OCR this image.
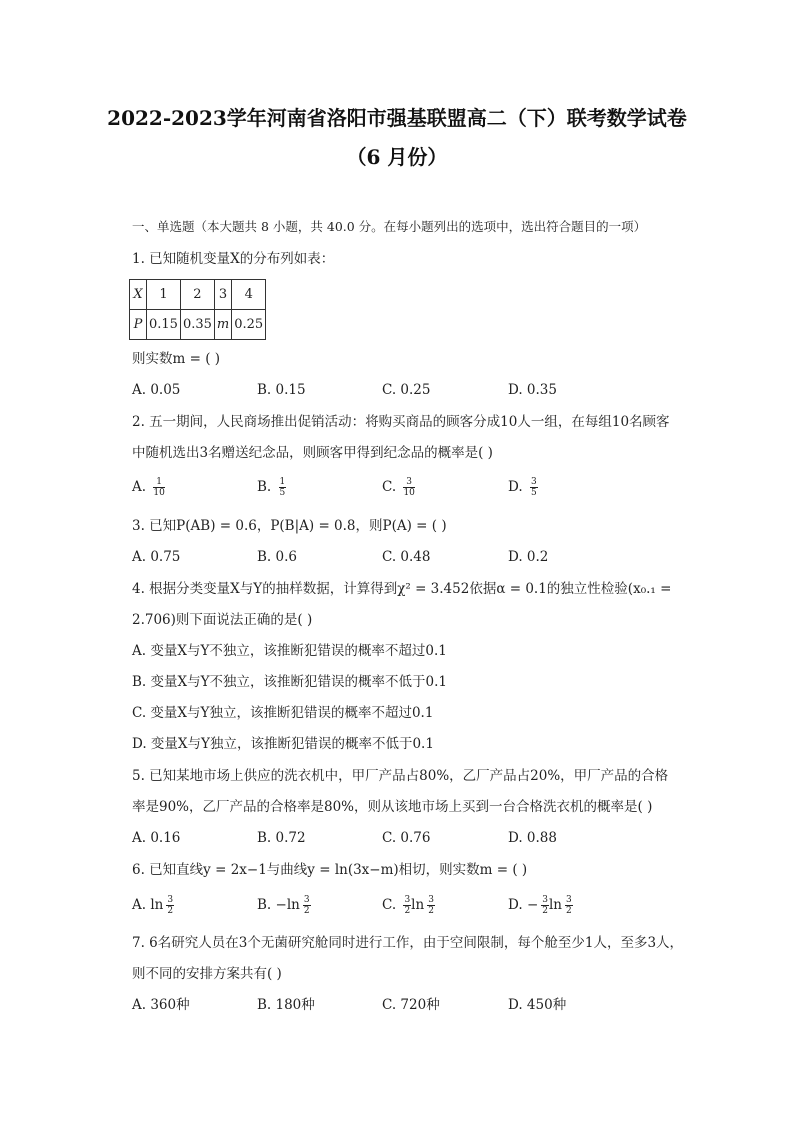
2022-2023学年河南省洛阳市强基联盟高二（下）联考数学试卷
（6 月份）
一、单选题（本大题共 8 小题，共 40.0 分。在每小题列出的选项中，选出符合题目的一项）
1. 已知随机变量X的分布列如表：
X	1	2	3	4
P	0.15	0.35	m	0.25
则实数m = ( )
A. 0.05	B. 0.15	C. 0.25	D. 0.35
2. 五一期间，人民商场推出促销活动：将购买商品的顾客分成10人一组，在每组10名顾客
中随机选出3名赠送纪念品，则顾客甲得到纪念品的概率是( )
A. $\frac{1}{10}$	B. $\frac{1}{5}$	C. $\frac{3}{10}$	D. $\frac{3}{5}$
3. 已知P(AB) = 0.6，P(B|A) = 0.8，则P(A) = ( )
A. 0.75	B. 0.6	C. 0.48	D. 0.2
4. 根据分类变量X与Y的抽样数据，计算得到χ² = 3.452依据α = 0.1的独立性检验(x₀.₁ =
2.706)则下面说法正确的是( )
A. 变量X与Y不独立，该推断犯错误的概率不超过0.1
B. 变量X与Y不独立，该推断犯错误的概率不低于0.1
C. 变量X与Y独立，该推断犯错误的概率不超过0.1
D. 变量X与Y独立，该推断犯错误的概率不低于0.1
5. 已知某地市场上供应的洗衣机中，甲厂产品占80%，乙厂产品占20%，甲厂产品的合格
率是90%，乙厂产品的合格率是80%，则从该地市场上买到一台合格洗衣机的概率是( )
A. 0.16	B. 0.72	C. 0.76	D. 0.88
6. 已知直线y = 2x−1与曲线y = ln(3x−m)相切，则实数m = ( )
A. $\ln \frac{3}{2}$	B. $-\ln \frac{3}{2}$	C. $\frac{3}{2}$ $\ln \frac{3}{2}$	D. − $\frac{3}{2}$ $\ln \frac{3}{2}$
7. 6名研究人员在3个无菌研究舱同时进行工作，由于空间限制，每个舱至少1人，至多3人，
则不同的安排方案共有( )
A. 360种	B. 180种	C. 720种	D. 450种
